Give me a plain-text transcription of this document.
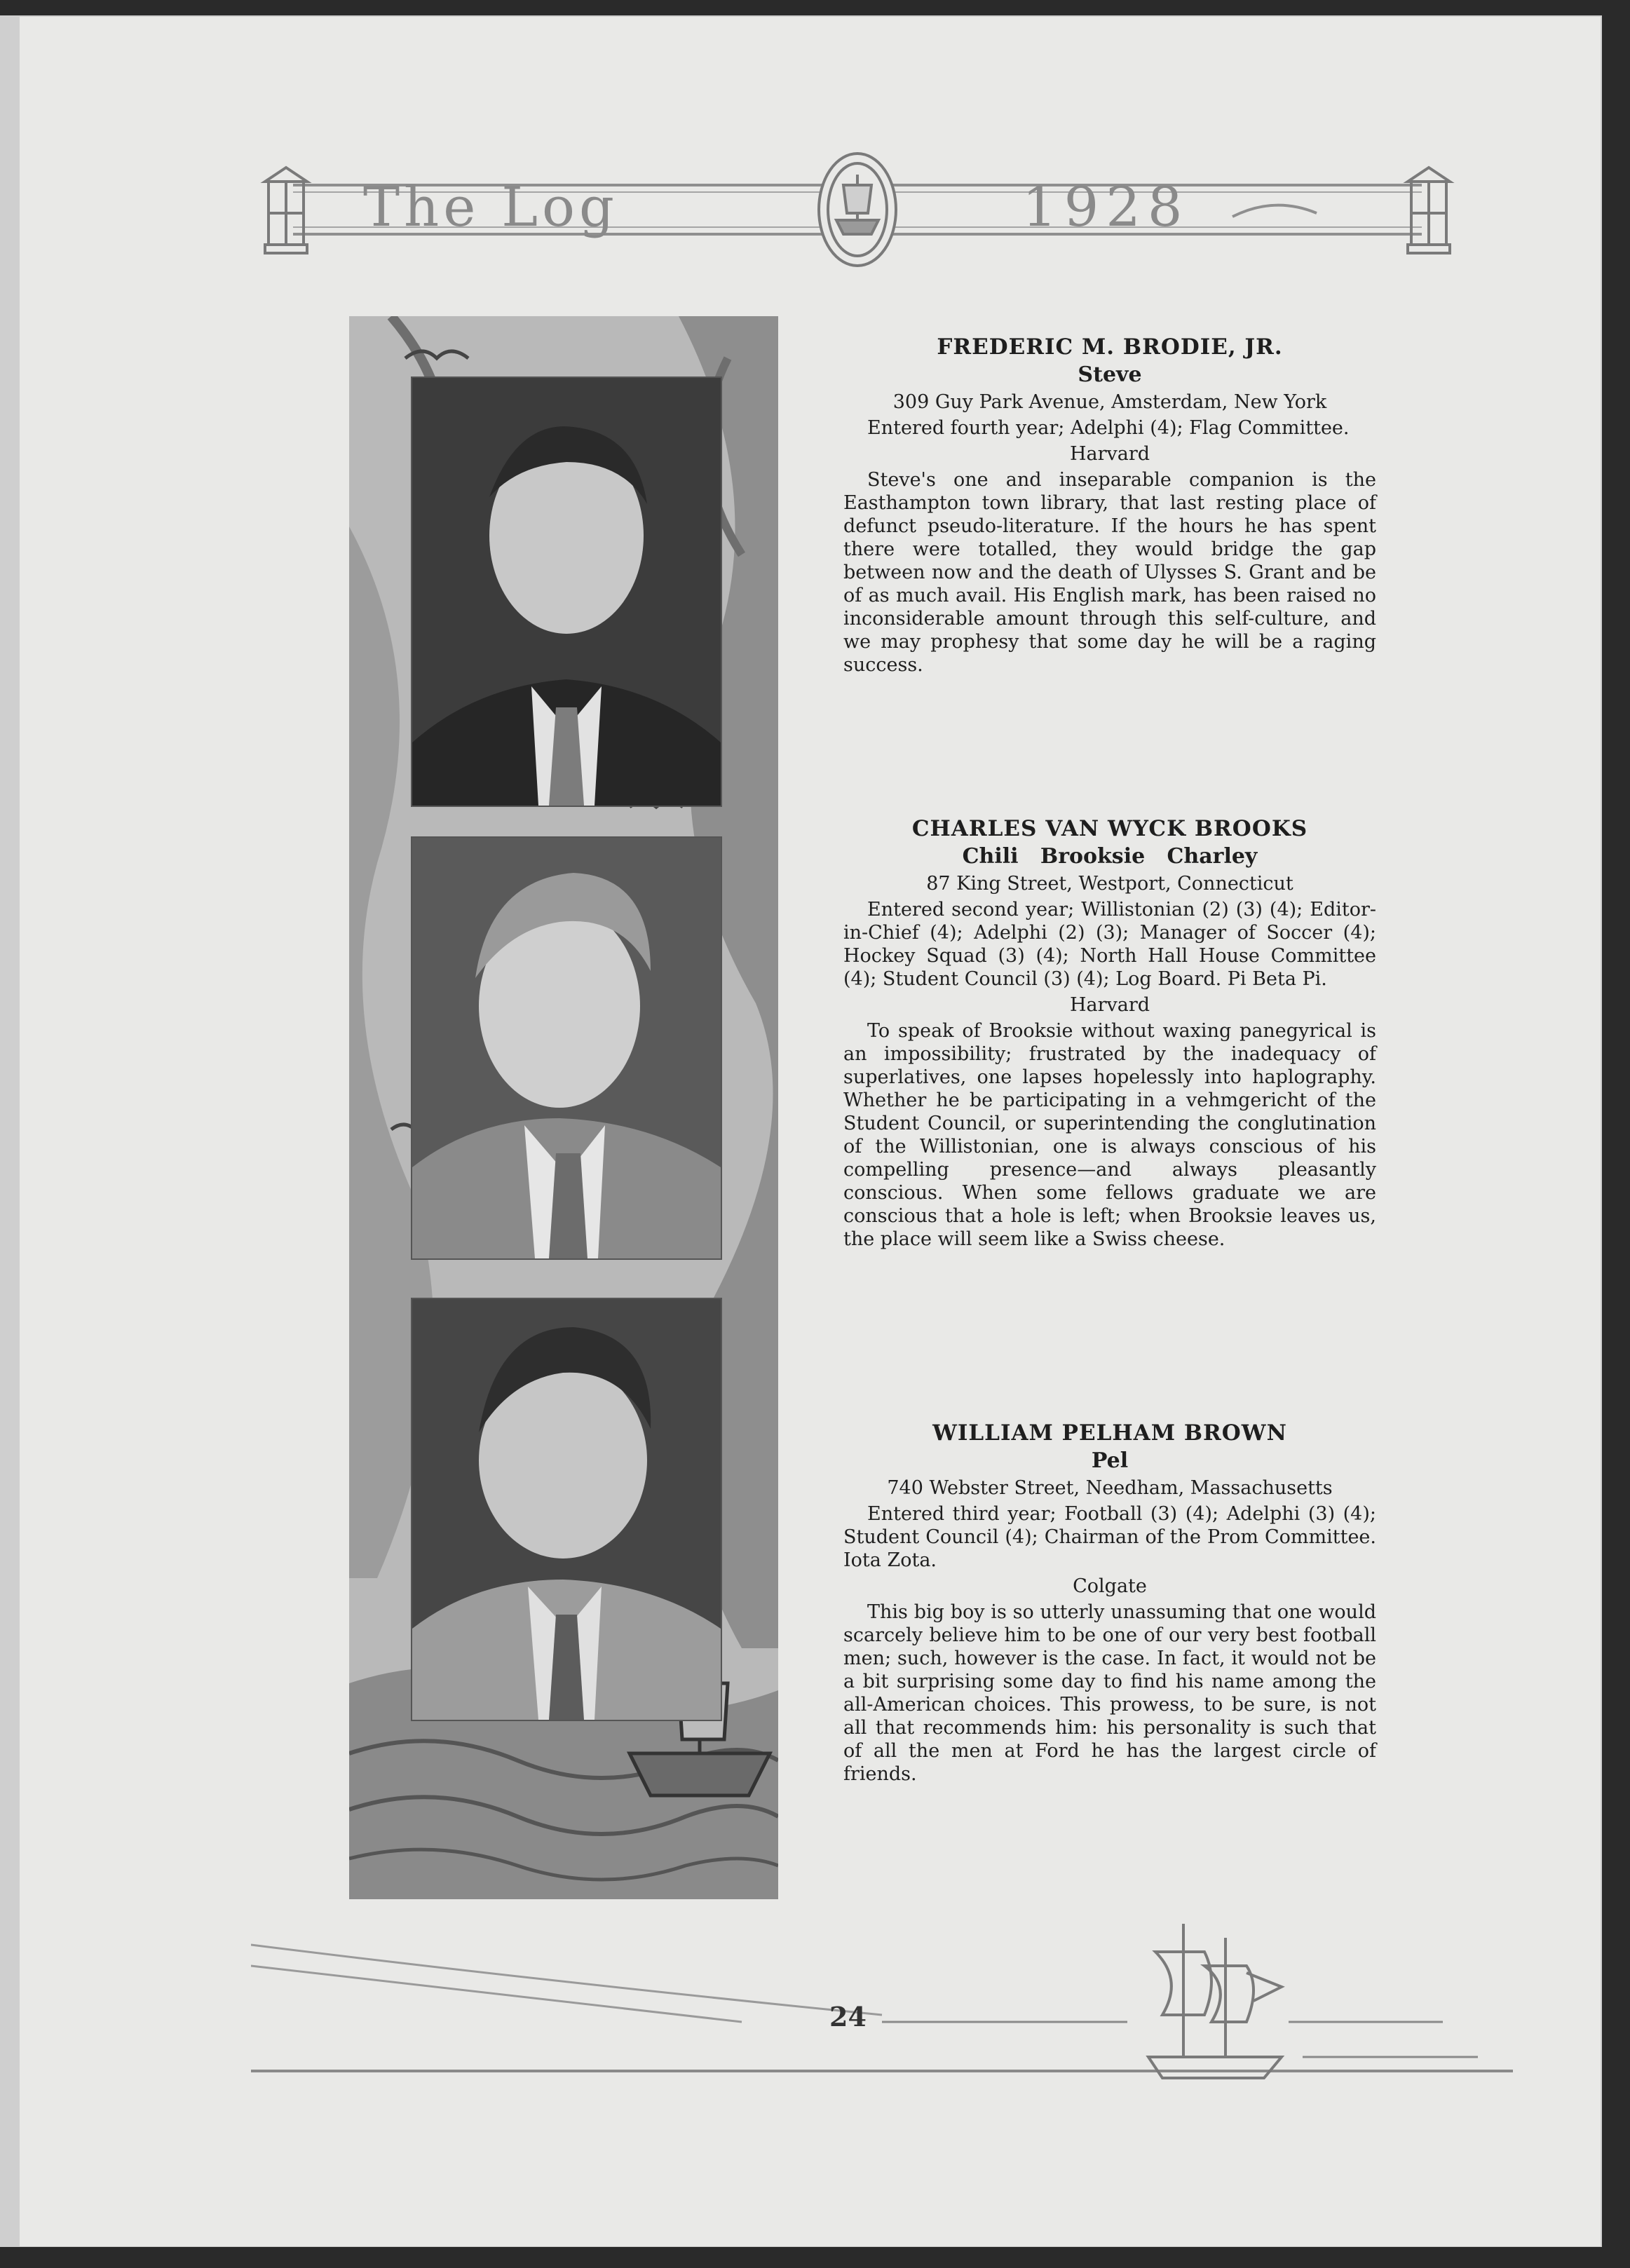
The Log	1928
FREDERIC M. BRODIE, JR.
Steve
309 Guy Park Avenue, Amsterdam, New York
Entered fourth year; Adelphi (4); Flag Committee.
Harvard
Steve's one and inseparable companion is the Easthampton town library, that last resting place of defunct pseudo-literature. If the hours he has spent there were totalled, they would bridge the gap between now and the death of Ulysses S. Grant and be of as much avail. His English mark, has been raised no inconsiderable amount through this self-culture, and we may prophesy that some day he will be a raging success.
CHARLES VAN WYCK BROOKS
Chili   Brooksie   Charley
87 King Street, Westport, Connecticut
Entered second year; Willistonian (2) (3) (4); Editor-in-Chief (4); Adelphi (2) (3); Manager of Soccer (4); Hockey Squad (3) (4); North Hall House Committee (4); Student Council (3) (4); Log Board. Pi Beta Pi.
Harvard
To speak of Brooksie without waxing panegyrical is an impossibility; frustrated by the inadequacy of superlatives, one lapses hopelessly into haplography. Whether he be participating in a vehmgericht of the Student Council, or superintending the conglutination of the Willistonian, one is always conscious of his compelling presence—and always pleasantly conscious. When some fellows graduate we are conscious that a hole is left; when Brooksie leaves us, the place will seem like a Swiss cheese.
WILLIAM PELHAM BROWN
Pel
740 Webster Street, Needham, Massachusetts
Entered third year; Football (3) (4); Adelphi (3) (4); Student Council (4); Chairman of the Prom Committee. Iota Zota.
Colgate
This big boy is so utterly unassuming that one would scarcely believe him to be one of our very best football men; such, however is the case. In fact, it would not be a bit surprising some day to find his name among the all-American choices. This prowess, to be sure, is not all that recommends him: his personality is such that of all the men at Ford he has the largest circle of friends.
24
